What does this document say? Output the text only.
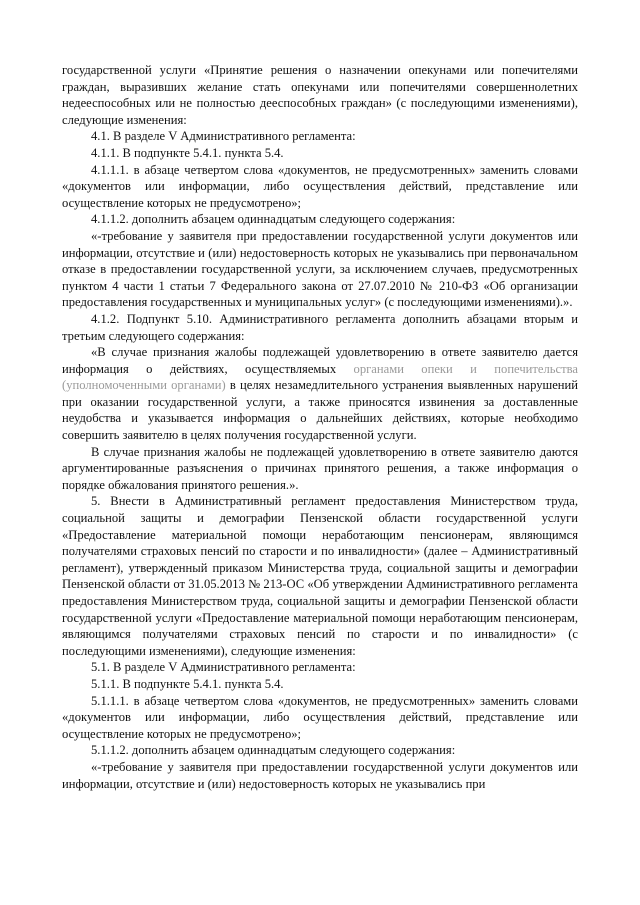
государственной услуги «Принятие решения о назначении опекунами или попечителями граждан, выразивших желание стать опекунами или попечителями совершеннолетних недееспособных или не полностью дееспособных граждан» (с последующими изменениями), следующие изменения:

4.1. В разделе V Административного регламента:

4.1.1. В подпункте 5.4.1. пункта 5.4.

4.1.1.1. в абзаце четвертом слова «документов, не предусмотренных» заменить словами «документов или информации, либо осуществления действий, представление или осуществление которых не предусмотрено»;

4.1.1.2. дополнить абзацем одиннадцатым следующего содержания:

«-требование у заявителя при предоставлении государственной услуги документов или информации, отсутствие и (или) недостоверность которых не указывались при первоначальном отказе в предоставлении государственной услуги, за исключением случаев, предусмотренных пунктом 4 части 1 статьи 7 Федерального закона от 27.07.2010 № 210-ФЗ «Об организации предоставления государственных и муниципальных услуг» (с последующими изменениями).».

4.1.2. Подпункт 5.10. Административного регламента дополнить абзацами вторым и третьим следующего содержания:

«В случае признания жалобы подлежащей удовлетворению в ответе заявителю дается информация о действиях, осуществляемых органами опеки и попечительства (уполномоченными органами) в целях незамедлительного устранения выявленных нарушений при оказании государственной услуги, а также приносятся извинения за доставленные неудобства и указывается информация о дальнейших действиях, которые необходимо совершить заявителю в целях получения государственной услуги.

В случае признания жалобы не подлежащей удовлетворению в ответе заявителю даются аргументированные разъяснения о причинах принятого решения, а также информация о порядке обжалования принятого решения.».

5. Внести в Административный регламент предоставления Министерством труда, социальной защиты и демографии Пензенской области государственной услуги «Предоставление материальной помощи неработающим пенсионерам, являющимся получателями страховых пенсий по старости и по инвалидности» (далее – Административный регламент), утвержденный приказом Министерства труда, социальной защиты и демографии Пензенской области от 31.05.2013 № 213-ОС «Об утверждении Административного регламента предоставления Министерством труда, социальной защиты и демографии Пензенской области государственной услуги «Предоставление материальной помощи неработающим пенсионерам, являющимся получателями страховых пенсий по старости и по инвалидности» (с последующими изменениями), следующие изменения:

5.1. В разделе V Административного регламента:

5.1.1. В подпункте 5.4.1. пункта 5.4.

5.1.1.1. в абзаце четвертом слова «документов, не предусмотренных» заменить словами «документов или информации, либо осуществления действий, представление или осуществление которых не предусмотрено»;

5.1.1.2. дополнить абзацем одиннадцатым следующего содержания:

«-требование у заявителя при предоставлении государственной услуги документов или информации, отсутствие и (или) недостоверность которых не указывались при
